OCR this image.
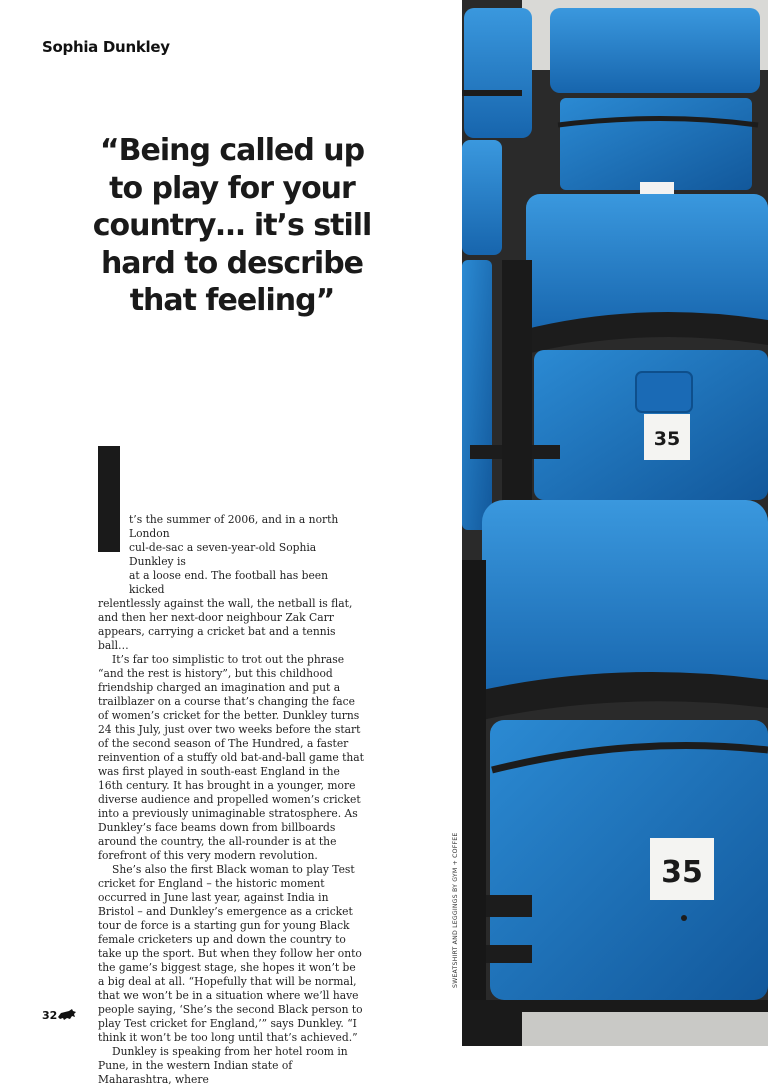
Sophia Dunkley
“Being called up
to play for your
country… it’s still
hard to describe
that feeling”

t’s the summer of 2006, and in a north London
cul-de-sac a seven-year-old Sophia Dunkley is
at a loose end. The football has been kicked
relentlessly against the wall, the netball is flat, and then her next-door neighbour Zak Carr appears, carrying a cricket bat and a tennis ball…

It’s far too simplistic to trot out the phrase “and the rest is history”, but this childhood friendship charged an imagination and put a trailblazer on a course that’s changing the face of women’s cricket for the better. Dunkley turns 24 this July, just over two weeks before the start of the second season of The Hundred, a faster reinvention of a stuffy old bat-and-ball game that was first played in south-east England in the 16th century. It has brought in a younger, more diverse audience and propelled women’s cricket into a previously unimaginable stratosphere. As Dunkley’s face beams down from billboards around the country, the all-rounder is at the forefront of this very modern revolution.

She’s also the first Black woman to play Test cricket for England – the historic moment occurred in June last year, against India in Bristol – and Dunkley’s emergence as a cricket tour de force is a starting gun for young Black female cricketers up and down the country to take up the sport. But when they follow her onto the game’s biggest stage, she hopes it won’t be a big deal at all. “Hopefully that will be normal, that we won’t be in a situation where we’ll have people saying, ‘She’s the second Black person to play Test cricket for England,’” says Dunkley. “I think it won’t be too long until that’s achieved.”

Dunkley is speaking from her hotel room in Pune, in the western Indian state of Maharashtra, where

32
SWEATSHIRT AND LEGGINGS BY GYM + COFFEE
35
35
